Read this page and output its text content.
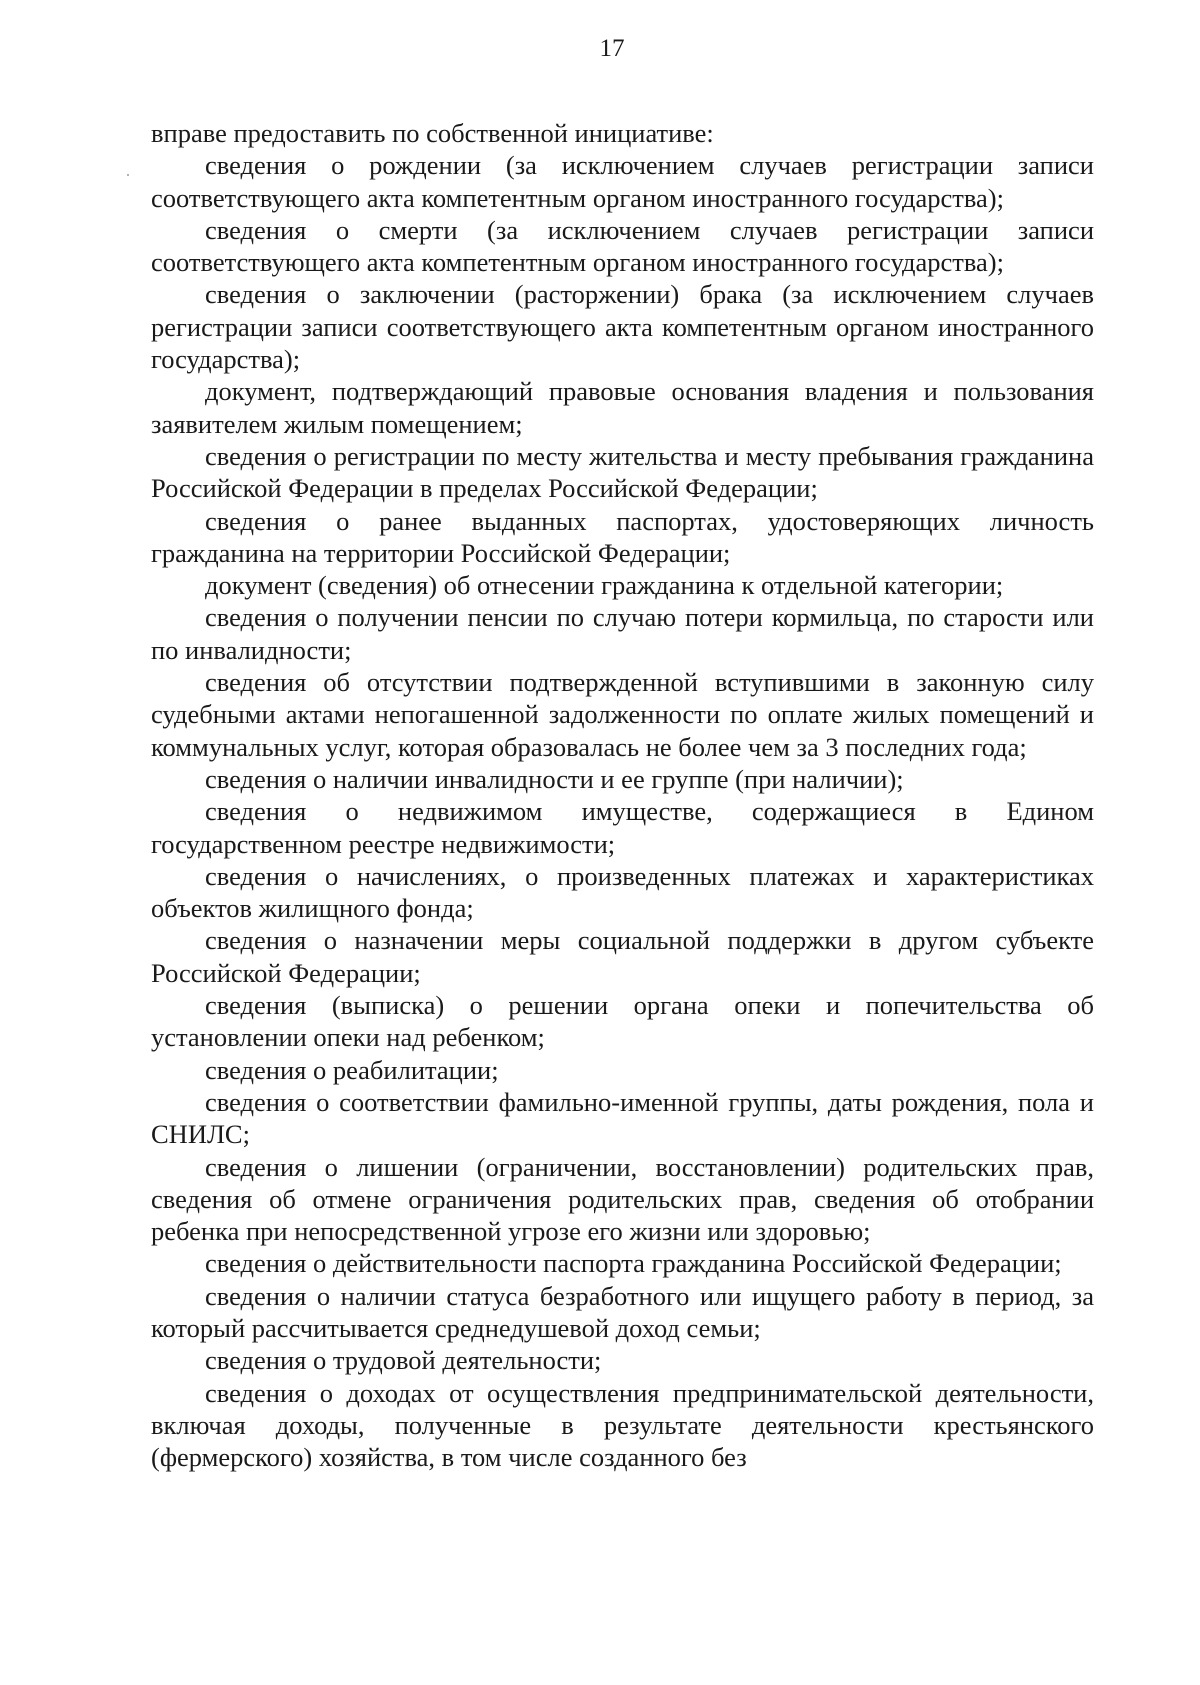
17

вправе предоставить по собственной инициативе:

сведения о рождении (за исключением случаев регистрации записи соответствующего акта компетентным органом иностранного государства);

сведения о смерти (за исключением случаев регистрации записи соответствующего акта компетентным органом иностранного государства);

сведения о заключении (расторжении) брака (за исключением случаев регистрации записи соответствующего акта компетентным органом иностранного государства);

документ, подтверждающий правовые основания владения и пользования заявителем жилым помещением;

сведения о регистрации по месту жительства и месту пребывания гражданина Российской Федерации в пределах Российской Федерации;

сведения о ранее выданных паспортах, удостоверяющих личность гражданина на территории Российской Федерации;

документ (сведения) об отнесении гражданина к отдельной категории;

сведения о получении пенсии по случаю потери кормильца, по старости или по инвалидности;

сведения об отсутствии подтвержденной вступившими в законную силу судебными актами непогашенной задолженности по оплате жилых помещений и коммунальных услуг, которая образовалась не более чем за 3 последних года;

сведения о наличии инвалидности и ее группе (при наличии);

сведения о недвижимом имуществе, содержащиеся в Едином государственном реестре недвижимости;

сведения о начислениях, о произведенных платежах и характеристиках объектов жилищного фонда;

сведения о назначении меры социальной поддержки в другом субъекте Российской Федерации;

сведения (выписка) о решении органа опеки и попечительства об установлении опеки над ребенком;

сведения о реабилитации;

сведения о соответствии фамильно-именной группы, даты рождения, пола и СНИЛС;

сведения о лишении (ограничении, восстановлении) родительских прав, сведения об отмене ограничения родительских прав, сведения об отобрании ребенка при непосредственной угрозе его жизни или здоровью;

сведения о действительности паспорта гражданина Российской Федерации;

сведения о наличии статуса безработного или ищущего работу в период, за который рассчитывается среднедушевой доход семьи;

сведения о трудовой деятельности;

сведения о доходах от осуществления предпринимательской деятельности, включая доходы, полученные в результате деятельности крестьянского (фермерского) хозяйства, в том числе созданного без
